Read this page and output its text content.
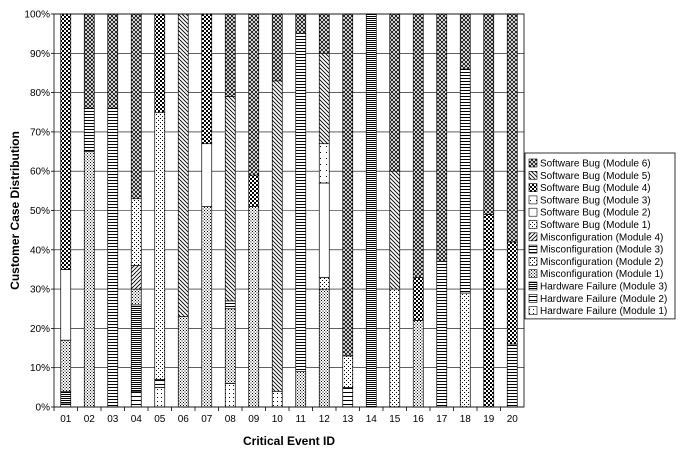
0%
10%
20%
30%
40%
50%
60%
70%
80%
90%
100%
01 02 03 04 05 06 07 08 09 10 11 12 13 14 15 16 17 18 19 20
Customer Case Distribution
Critical Event ID
Software Bug (Module 6)
Software Bug (Module 5)
Software Bug (Module 4)
Software Bug (Module 3)
Software Bug (Module 2)
Software Bug (Module 1)
Misconfiguration (Module 4)
Misconfiguration (Module 3)
Misconfiguration (Module 2)
Misconfiguration (Module 1)
Hardware Failure (Module 3)
Hardware Failure (Module 2)
Hardware Failure (Module 1)
